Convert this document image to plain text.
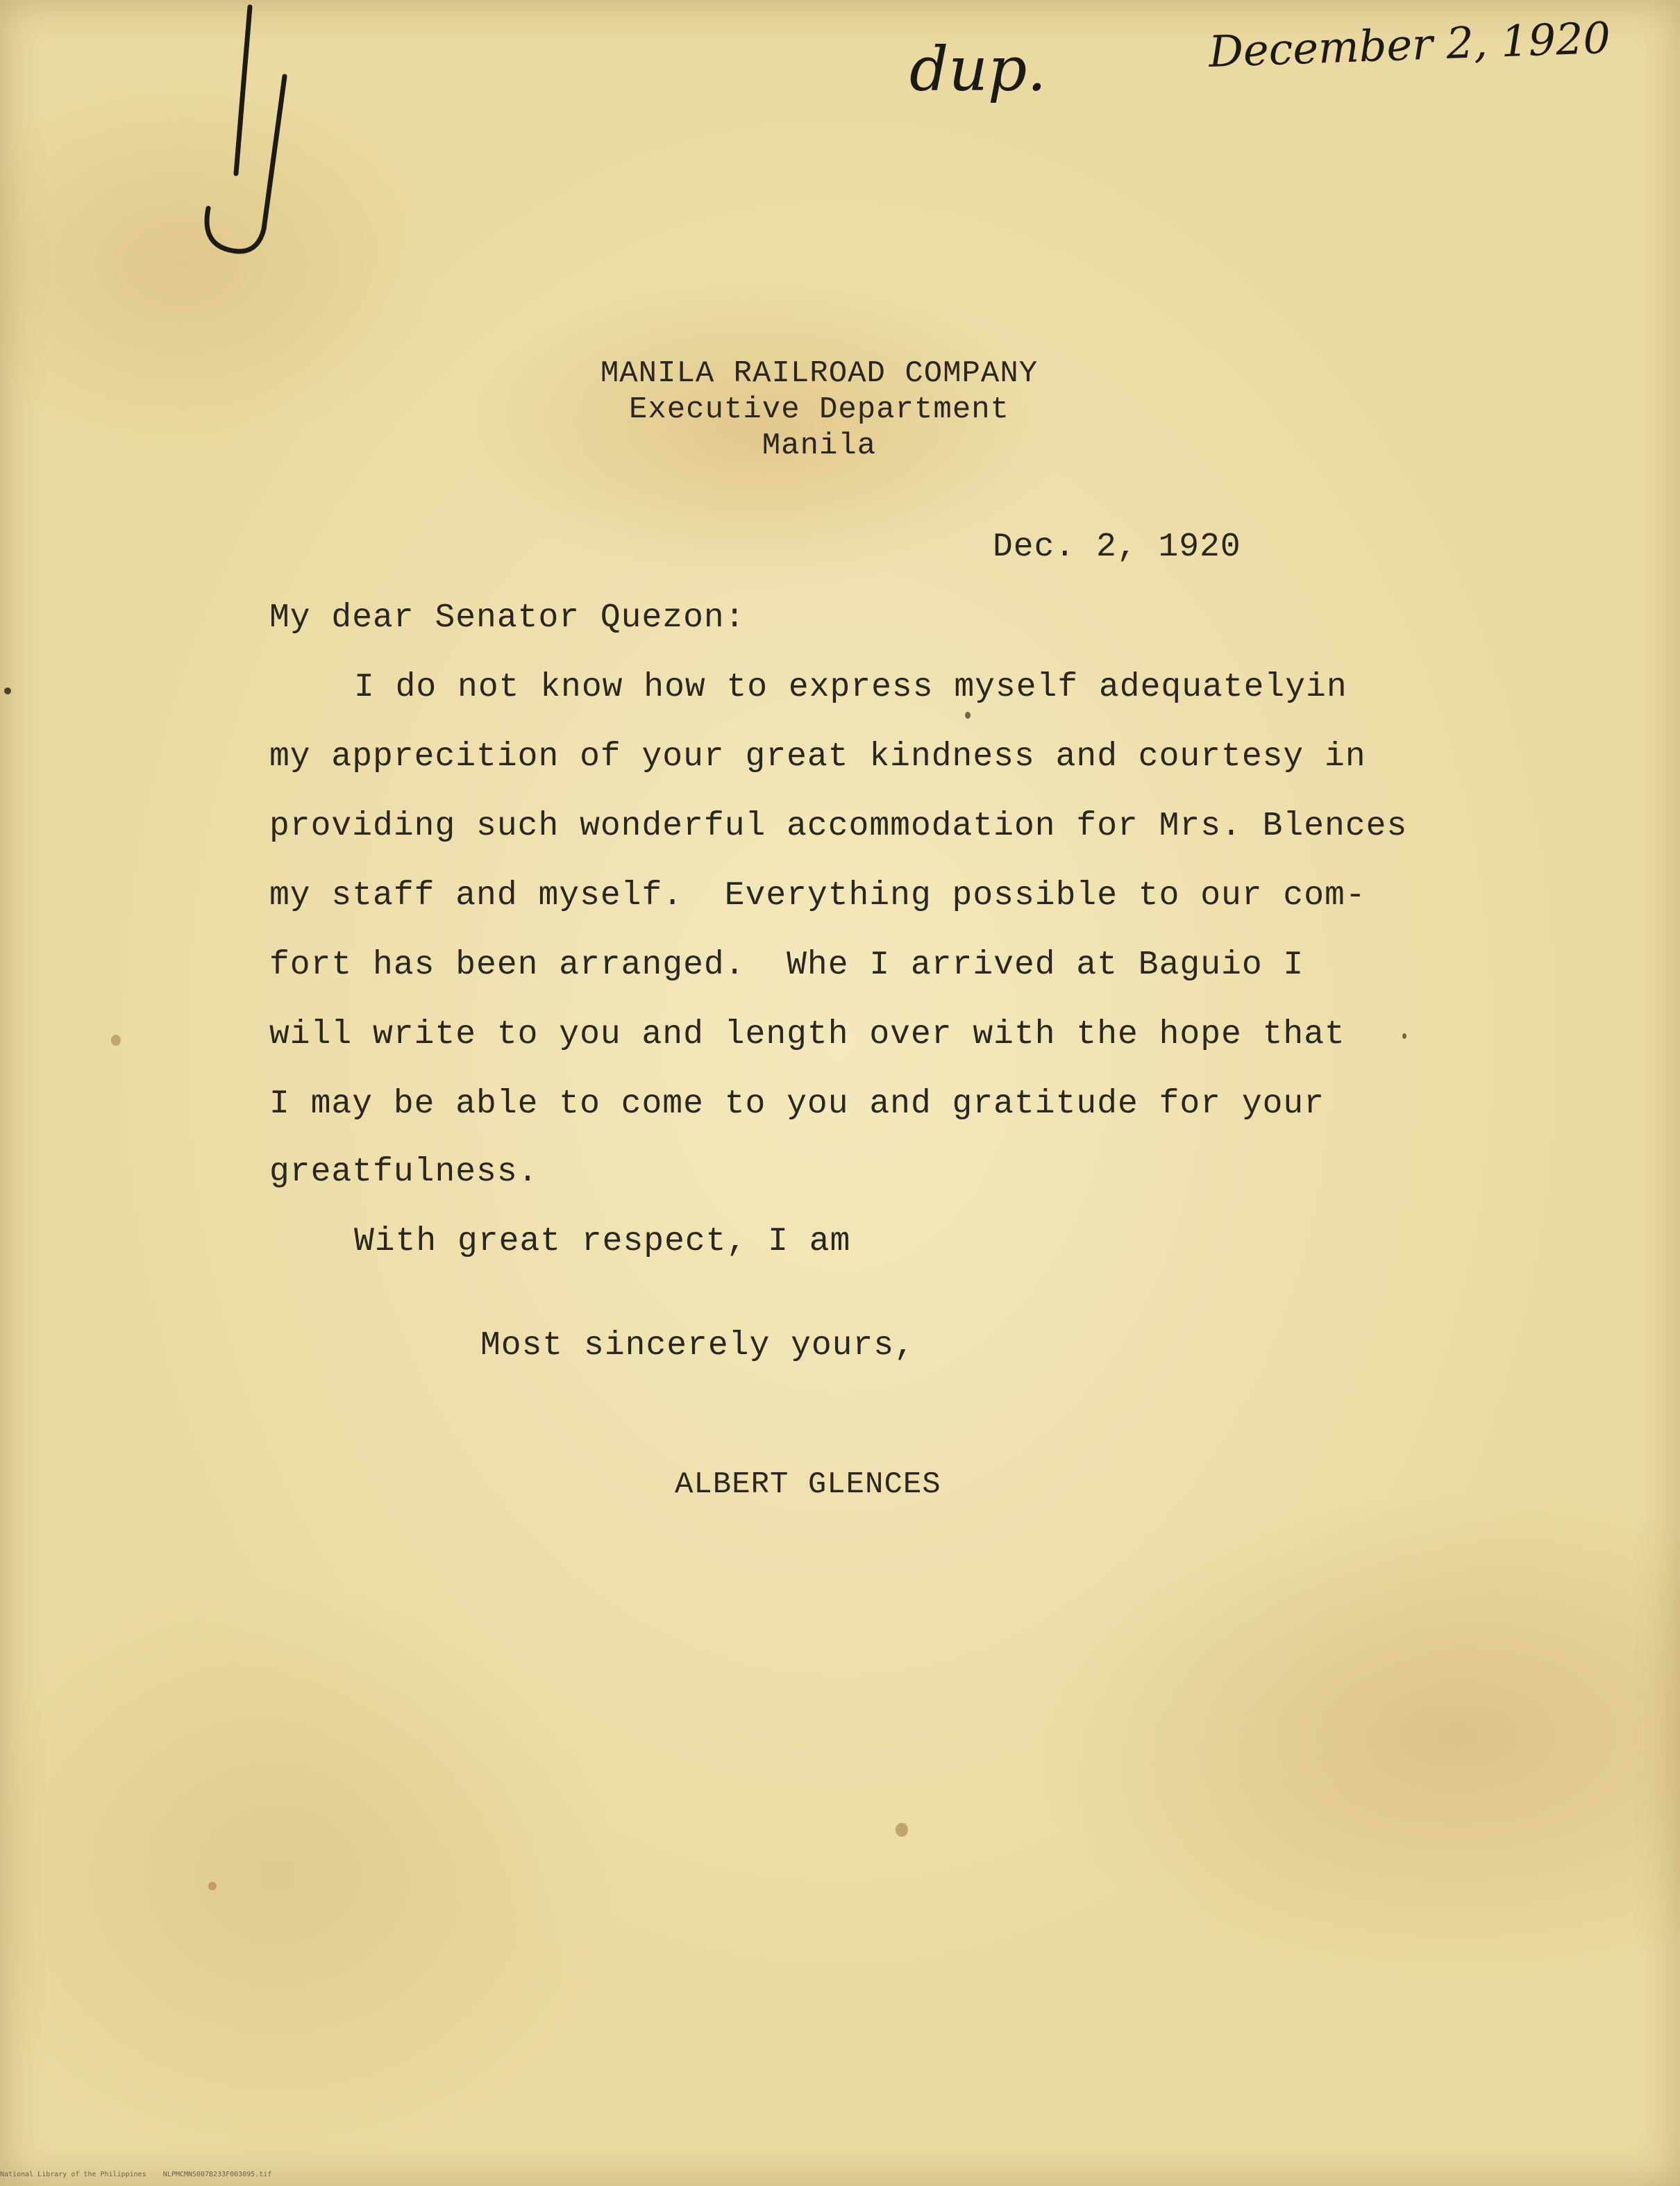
dup.	December 2, 1920
MANILA RAILROAD COMPANY
Executive Department
Manila
Dec. 2, 1920
My dear Senator Quezon:
I do not know how to express myself adequatelyin
my apprecition of your great kindness and courtesy in
providing such wonderful accommodation for Mrs. Blences
my staff and myself.  Everything possible to our com-
fort has been arranged.  Whe I arrived at Baguio I
will write to you and length over with the hope that
I may be able to come to you and gratitude for your
greatfulness.
With great respect, I am
Most sincerely yours,
ALBERT GLENCES
National Library of the Philippines    NLPMCMNS007B233F003095.tif
